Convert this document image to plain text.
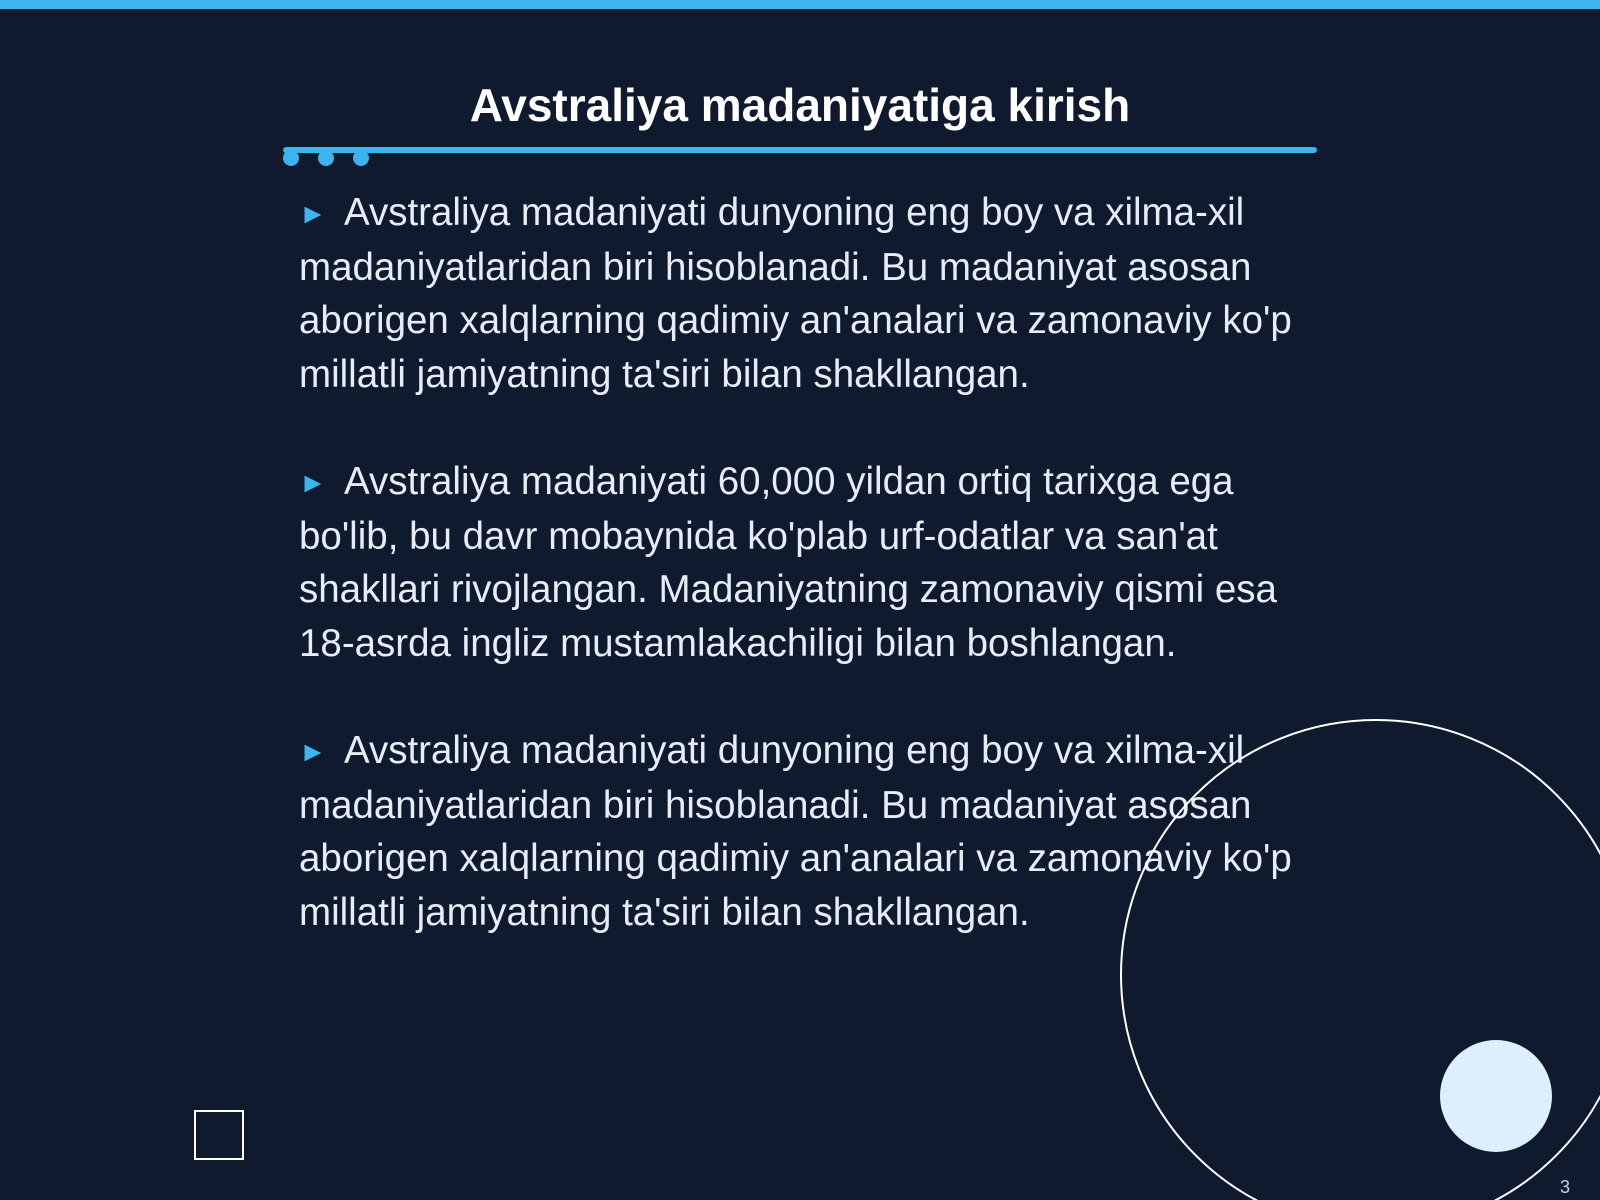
Avstraliya madaniyatiga kirish

► Avstraliya madaniyati dunyoning eng boy va xilma-xil madaniyatlaridan biri hisoblanadi. Bu madaniyat asosan aborigen xalqlarning qadimiy an'analari va zamonaviy ko'p millatli jamiyatning ta'siri bilan shakllangan.

► Avstraliya madaniyati 60,000 yildan ortiq tarixga ega bo'lib, bu davr mobaynida ko'plab urf-odatlar va san'at shakllari rivojlangan. Madaniyatning zamonaviy qismi esa 18-asrda ingliz mustamlakachiligi bilan boshlangan.

► Avstraliya madaniyati dunyoning eng boy va xilma-xil madaniyatlaridan biri hisoblanadi. Bu madaniyat asosan aborigen xalqlarning qadimiy an'analari va zamonaviy ko'p millatli jamiyatning ta'siri bilan shakllangan.

3
